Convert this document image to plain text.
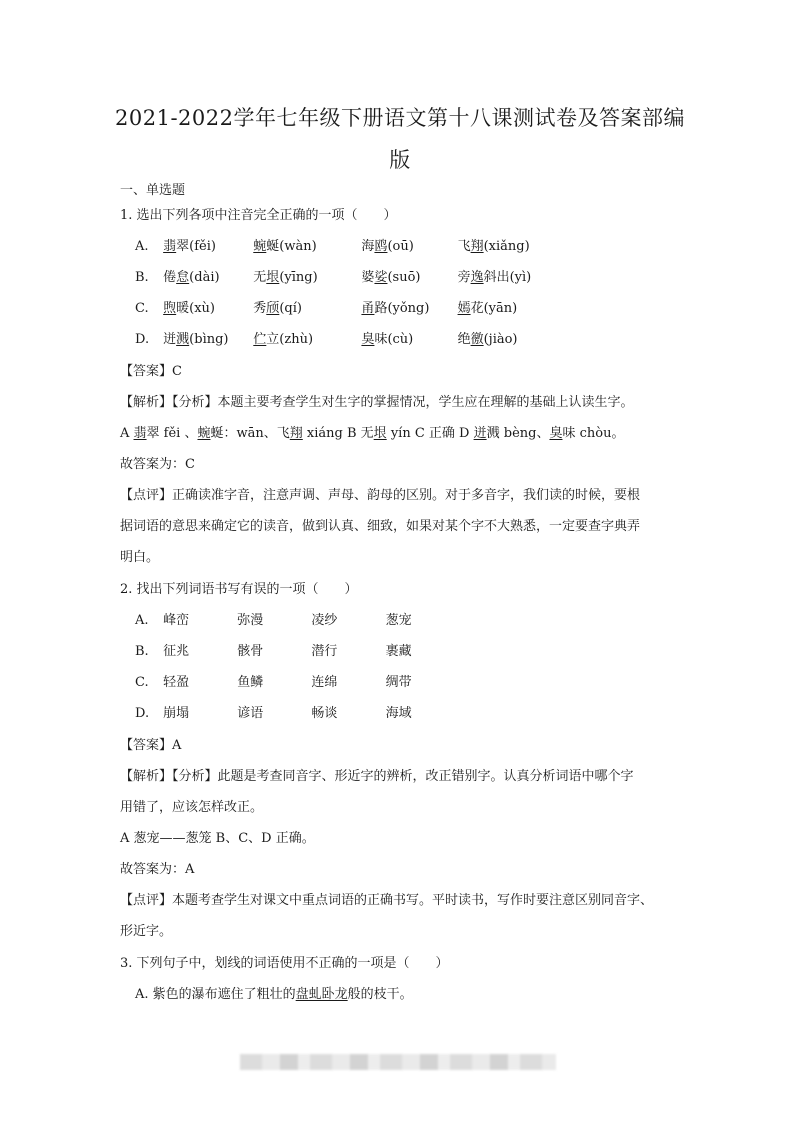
2021-2022学年七年级下册语文第十八课测试卷及答案部编
版
一、单选题
1. 选出下列各项中注音完全正确的一项（　　）
A. 翡翠(fěi)	蜿蜒(wàn)	海鸥(oū)	飞翔(xiǎng)
B. 倦怠(dài)	无垠(yīng)	婆娑(suō)	旁逸斜出(yì)
C. 煦暖(xù)	秀颀(qí)	甬路(yǒng) 嫣花(yān)
D. 迸溅(bìng) 伫立(zhù)	臭味(cù)	绝徼(jiào)
【答案】C
【解析】【分析】本题主要考查学生对生字的掌握情况，学生应在理解的基础上认读生字。
A 翡翠 fěi 、蜿蜒：wān、飞翔 xiáng B 无垠 yín C 正确 D 迸溅 bèng、臭味 chòu。
故答案为：C
【点评】正确读准字音，注意声调、声母、韵母的区别。对于多音字，我们读的时候，要根
据词语的意思来确定它的读音，做到认真、细致，如果对某个字不大熟悉，一定要查字典弄
明白。
2. 找出下列词语书写有误的一项（　　）
A. 峰峦	弥漫	凌纱	葱宠
B. 征兆	骸骨	潜行	裹藏
C. 轻盈	鱼鳞	连绵	绸带
D. 崩塌	谚语	畅谈	海域
【答案】A
【解析】【分析】此题是考查同音字、形近字的辨析，改正错别字。认真分析词语中哪个字
用错了，应该怎样改正。
A 葱宠——葱笼 B、C、D 正确。
故答案为：A
【点评】本题考查学生对课文中重点词语的正确书写。平时读书，写作时要注意区别同音字、
形近字。
3. 下列句子中，划线的词语使用不正确的一项是（　　）
A. 紫色的瀑布遮住了粗壮的盘虬卧龙般的枝干。
